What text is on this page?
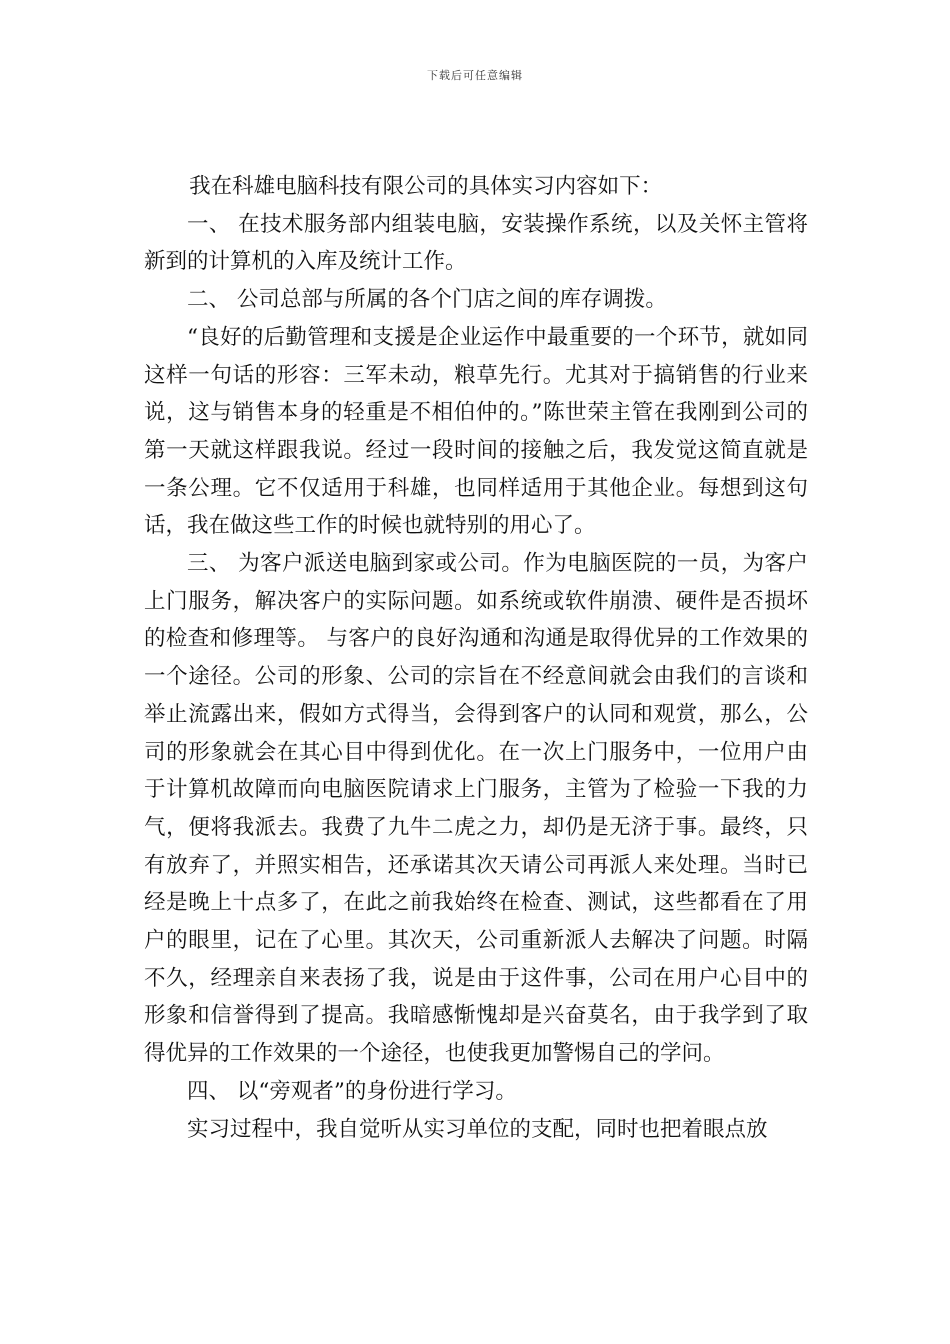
下载后可任意编辑

我在科雄电脑科技有限公司的具体实习内容如下：

一、 在技术服务部内组装电脑，安装操作系统，以及关怀主管将新到的计算机的入库及统计工作。

二、 公司总部与所属的各个门店之间的库存调拨。

“良好的后勤管理和支援是企业运作中最重要的一个环节，就如同这样一句话的形容：三军未动，粮草先行。尤其对于搞销售的行业来说，这与销售本身的轻重是不相伯仲的。”陈世荣主管在我刚到公司的第一天就这样跟我说。经过一段时间的接触之后，我发觉这简直就是一条公理。它不仅适用于科雄，也同样适用于其他企业。每想到这句话，我在做这些工作的时候也就特别的用心了。

三、 为客户派送电脑到家或公司。作为电脑医院的一员，为客户上门服务，解决客户的实际问题。如系统或软件崩溃、硬件是否损坏的检查和修理等。 与客户的良好沟通和沟通是取得优异的工作效果的一个途径。公司的形象、公司的宗旨在不经意间就会由我们的言谈和举止流露出来，假如方式得当，会得到客户的认同和观赏，那么，公司的形象就会在其心目中得到优化。在一次上门服务中，一位用户由于计算机故障而向电脑医院请求上门服务，主管为了检验一下我的力气，便将我派去。我费了九牛二虎之力，却仍是无济于事。最终，只有放弃了，并照实相告，还承诺其次天请公司再派人来处理。当时已经是晚上十点多了，在此之前我始终在检查、测试，这些都看在了用户的眼里，记在了心里。其次天，公司重新派人去解决了问题。时隔不久，经理亲自来表扬了我，说是由于这件事，公司在用户心目中的形象和信誉得到了提高。我暗感惭愧却是兴奋莫名，由于我学到了取得优异的工作效果的一个途径，也使我更加警惕自己的学问。

四、 以“旁观者”的身份进行学习。

实习过程中，我自觉听从实习单位的支配，同时也把着眼点放
